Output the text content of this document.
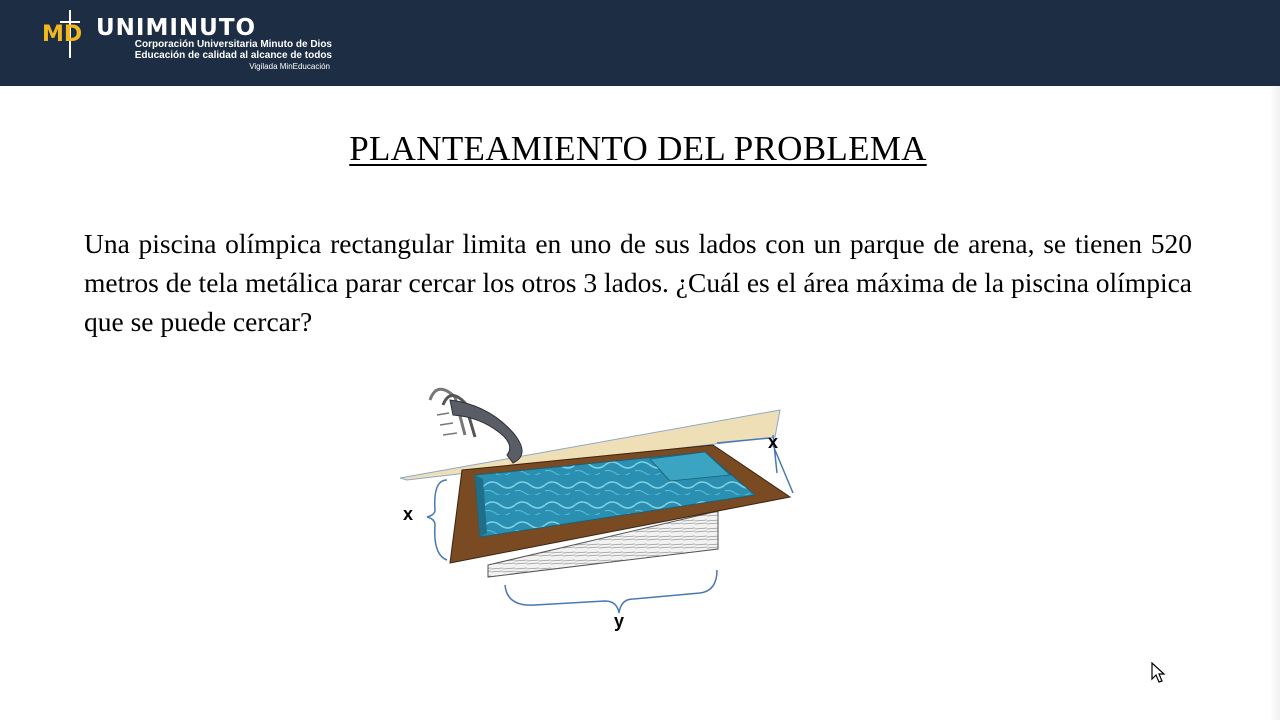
MD UNIMINUTO
Corporación Universitaria Minuto de Dios
Educación de calidad al alcance de todos
Vigilada MinEducación
PLANTEAMIENTO DEL PROBLEMA

Una piscina olímpica rectangular limita en uno de sus lados con un parque de arena, se tienen 520 metros de tela metálica parar cercar los otros 3 lados. ¿Cuál es el área máxima de la piscina olímpica que se puede cercar?

x
x
y
